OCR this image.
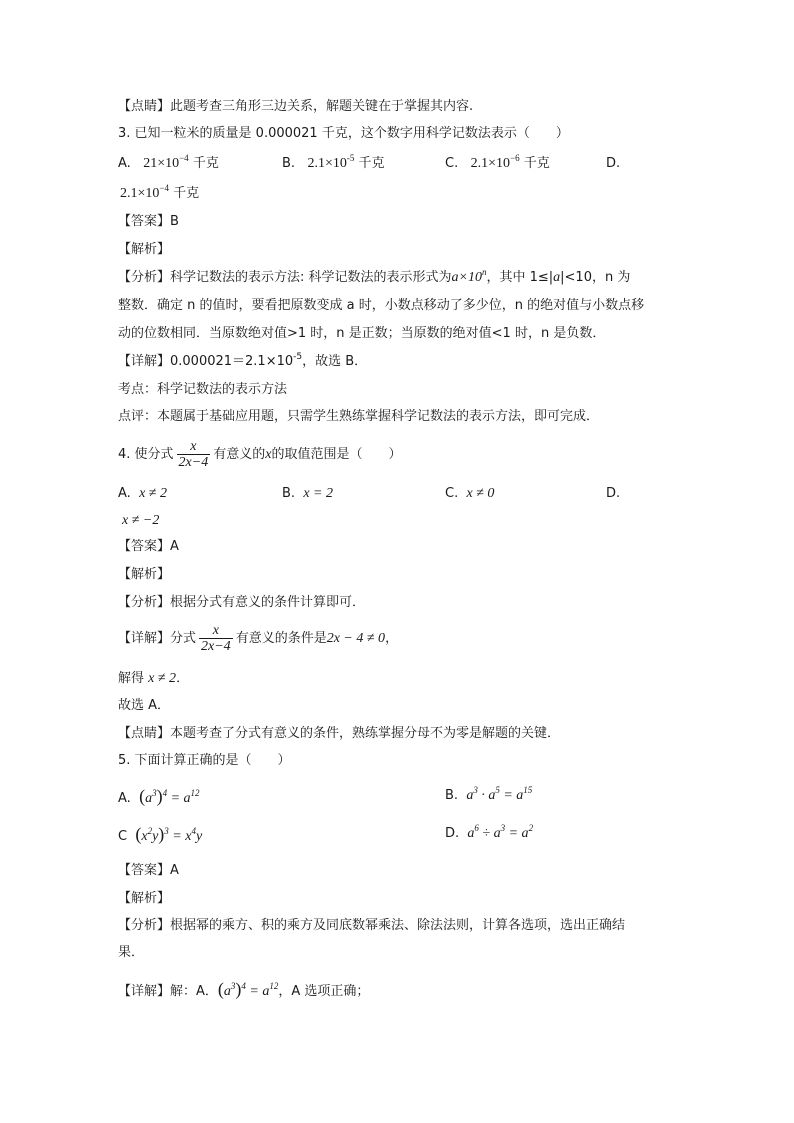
【点睛】此题考查三角形三边关系，解题关键在于掌握其内容.
3. 已知一粒米的质量是 0.000021 千克，这个数字用科学记数法表示（　　）
A. $21\times 10^{-4}$ 千克	B. $2.1\times 10^{-5}$ 千克	C. $2.1\times 10^{-6}$ 千克	D.
$2.1\times 10^{-4}$ 千克
【答案】B
【解析】
【分析】科学记数法的表示方法: 科学记数法的表示形式为$a\times 10^n$，其中 1≤|a|<10，n 为
整数．确定 n 的值时，要看把原数变成 a 时，小数点移动了多少位，n 的绝对值与小数点移
动的位数相同．当原数绝对值>1 时，n 是正数；当原数的绝对值<1 时，n 是负数．
【详解】$0.000021=2.1\times 10^{-5}$，故选 B．
考点：科学记数法的表示方法
点评：本题属于基础应用题，只需学生熟练掌握科学记数法的表示方法，即可完成．
4. 使分式 $\frac{x}{2x-4}$ 有意义的x的取值范围是（　　）
A. x ≠ 2	B. x = 2	C. x ≠ 0	D.
x ≠ −2
【答案】A
【解析】
【分析】根据分式有意义的条件计算即可．
【详解】分式 $\frac{x}{2x-4}$ 有意义的条件是2x − 4 ≠ 0，
解得 x ≠ 2．
故选 A．
【点睛】本题考查了分式有意义的条件，熟练掌握分母不为零是解题的关键．
5. 下面计算正确的是（　　）
A. $(a^3)^4 = a^{12}$	B. $a^3 \cdot a^5 = a^{15}$
C $(x^2y)^3 = x^4y$	D. $a^6 \div a^3 = a^2$
【答案】A
【解析】
【分析】根据幂的乘方、积的乘方及同底数幂乘法、除法法则，计算各选项，选出正确结
果．
【详解】解：A．$(a^3)^4 = a^{12}$，A 选项正确；
